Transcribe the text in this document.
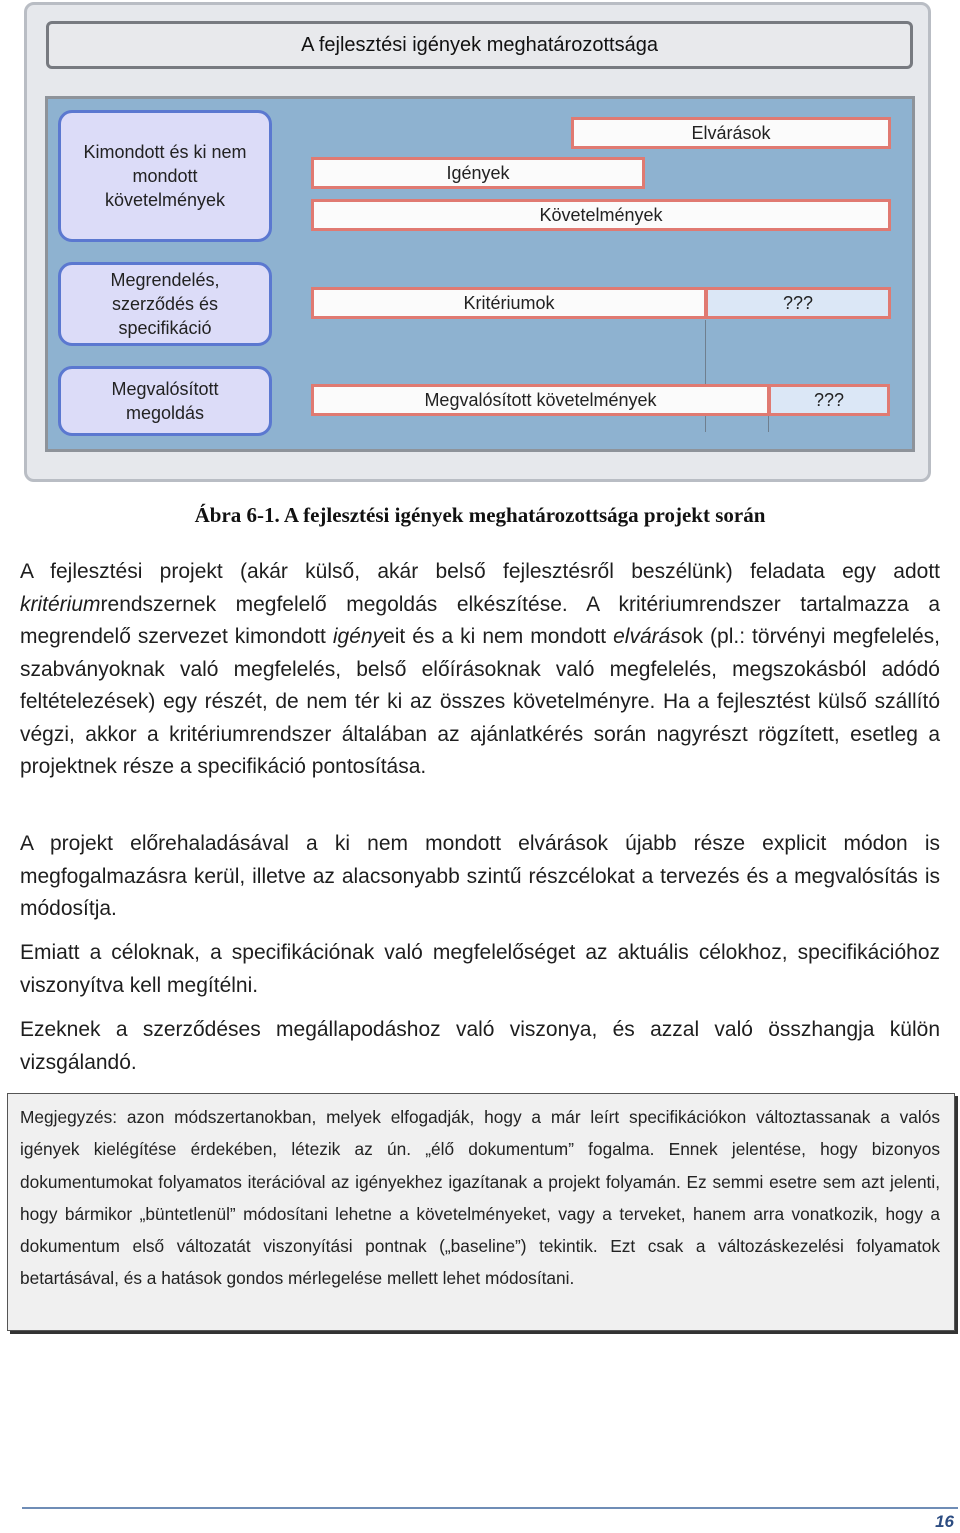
A fejlesztési igények meghatározottsága
Kimondott és ki nem
mondott
követelmények
Megrendelés,
szerződés és
specifikáció
Megvalósított
megoldás
Elvárások
Igények
Követelmények
Kritériumok	???
Megvalósított követelmények	???
Ábra 6-1. A fejlesztési igények meghatározottsága projekt során
A fejlesztési projekt (akár külső, akár belső fejlesztésről beszélünk) feladata egy adott kritériumrendszernek megfelelő megoldás elkészítése. A kritériumrendszer tartalmazza a megrendelő szervezet kimondott igényeit és a ki nem mondott elvárások (pl.: törvényi megfelelés, szabványoknak való megfelelés, belső előírásoknak való megfelelés, megszokásból adódó feltételezések) egy részét, de nem tér ki az összes követelményre. Ha a fejlesztést külső szállító végzi, akkor a kritériumrendszer általában az ajánlatkérés során nagyrészt rögzített, esetleg a projektnek része a specifikáció pontosítása.
A projekt előrehaladásával a ki nem mondott elvárások újabb része explicit módon is megfogalmazásra kerül, illetve az alacsonyabb szintű részcélokat a tervezés és a megvalósítás is módosítja.
Emiatt a céloknak, a specifikációnak való megfelelőséget az aktuális célokhoz, specifikációhoz viszonyítva kell megítélni.
Ezeknek a szerződéses megállapodáshoz való viszonya, és azzal való összhangja külön vizsgálandó.
Megjegyzés: azon módszertanokban, melyek elfogadják, hogy a már leírt specifikációkon változtassanak a valós igények kielégítése érdekében, létezik az ún. „élő dokumentum” fogalma. Ennek jelentése, hogy bizonyos dokumentumokat folyamatos iterációval az igényekhez igazítanak a projekt folyamán. Ez semmi esetre sem azt jelenti, hogy bármikor „büntetlenül” módosítani lehetne a követelményeket, vagy a terveket, hanem arra vonatkozik, hogy a dokumentum első változatát viszonyítási pontnak („baseline”) tekintik. Ezt csak a változáskezelési folyamatok betartásával, és a hatások gondos mérlegelése mellett lehet módosítani.
16
